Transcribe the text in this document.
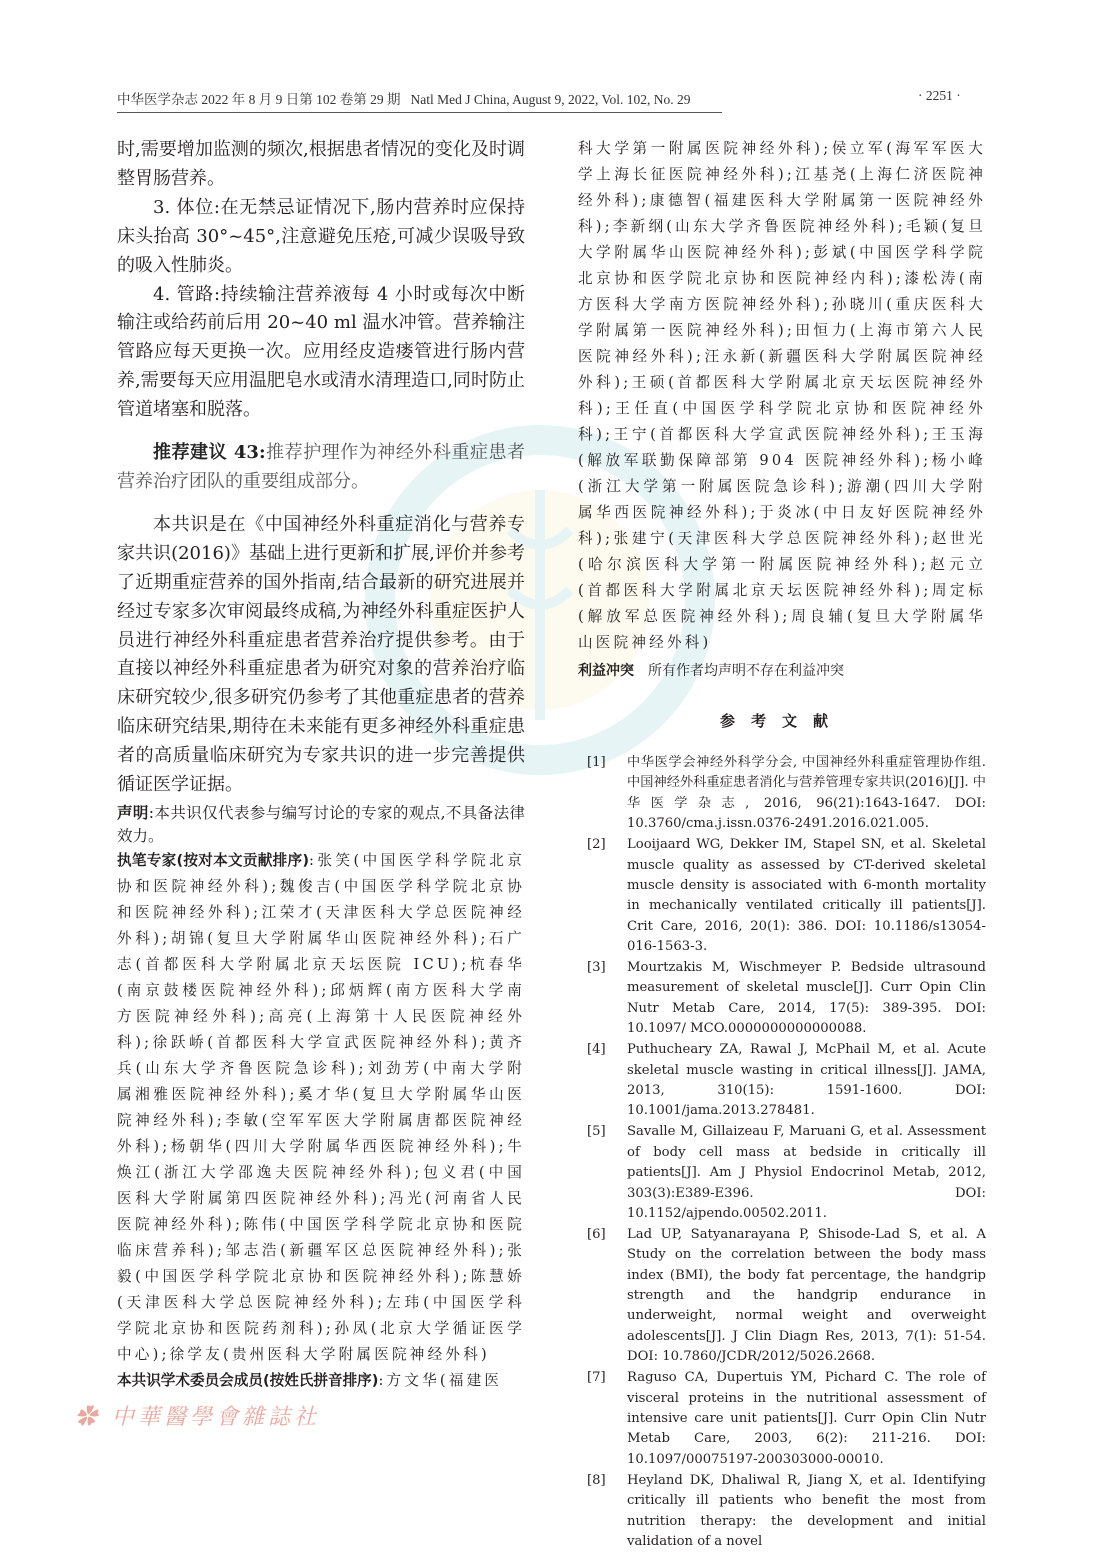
中华医学杂志 2022 年 8 月 9 日第 102 卷第 29 期 Natl Med J China, August 9, 2022, Vol. 102, No. 29	· 2251 ·

时,需要增加监测的频次,根据患者情况的变化及时调整胃肠营养。

3. 体位:在无禁忌证情况下,肠内营养时应保持床头抬高 30°~45°,注意避免压疮,可减少误吸导致的吸入性肺炎。

4. 管路:持续输注营养液每 4 小时或每次中断输注或给药前后用 20~40 ml 温水冲管。营养输注管路应每天更换一次。应用经皮造瘘管进行肠内营养,需要每天应用温肥皂水或清水清理造口,同时防止管道堵塞和脱落。

推荐建议 43:推荐护理作为神经外科重症患者营养治疗团队的重要组成部分。
本共识是在《中国神经外科重症消化与营养专家共识(2016)》基础上进行更新和扩展,评价并参考了近期重症营养的国外指南,结合最新的研究进展并经过专家多次审阅最终成稿,为神经外科重症医护人员进行神经外科重症患者营养治疗提供参考。由于直接以神经外科重症患者为研究对象的营养治疗临床研究较少,很多研究仍参考了其他重症患者的营养临床研究结果,期待在未来能有更多神经外科重症患者的高质量临床研究为专家共识的进一步完善提供循证医学证据。
声明:本共识仅代表参与编写讨论的专家的观点,不具备法律效力。
执笔专家(按对本文贡献排序):张笑(中国医学科学院北京协和医院神经外科);魏俊吉(中国医学科学院北京协和医院神经外科);江荣才(天津医科大学总医院神经外科);胡锦(复旦大学附属华山医院神经外科);石广志(首都医科大学附属北京天坛医院 ICU);杭春华(南京鼓楼医院神经外科);邱炳辉(南方医科大学南方医院神经外科);高亮(上海第十人民医院神经外科);徐跃峤(首都医科大学宣武医院神经外科);黄齐兵(山东大学齐鲁医院急诊科);刘劲芳(中南大学附属湘雅医院神经外科);奚才华(复旦大学附属华山医院神经外科);李敏(空军军医大学附属唐都医院神经外科);杨朝华(四川大学附属华西医院神经外科);牛焕江(浙江大学邵逸夫医院神经外科);包义君(中国医科大学附属第四医院神经外科);冯光(河南省人民医院神经外科);陈伟(中国医学科学院北京协和医院临床营养科);邹志浩(新疆军区总医院神经外科);张毅(中国医学科学院北京协和医院神经外科);陈慧娇(天津医科大学总医院神经外科);左玮(中国医学科学院北京协和医院药剂科);孙凤(北京大学循证医学中心);徐学友(贵州医科大学附属医院神经外科)
本共识学术委员会成员(按姓氏拼音排序):方文华(福建医
✿ 中華醫學會雜誌社
科大学第一附属医院神经外科);侯立军(海军军医大学上海长征医院神经外科);江基尧(上海仁济医院神经外科);康德智(福建医科大学附属第一医院神经外科);李新纲(山东大学齐鲁医院神经外科);毛颖(复旦大学附属华山医院神经外科);彭斌(中国医学科学院北京协和医学院北京协和医院神经内科);漆松涛(南方医科大学南方医院神经外科);孙晓川(重庆医科大学附属第一医院神经外科);田恒力(上海市第六人民医院神经外科);汪永新(新疆医科大学附属医院神经外科);王硕(首都医科大学附属北京天坛医院神经外科);王任直(中国医学科学院北京协和医院神经外科);王宁(首都医科大学宣武医院神经外科);王玉海(解放军联勤保障部第 904 医院神经外科);杨小峰(浙江大学第一附属医院急诊科);游潮(四川大学附属华西医院神经外科);于炎冰(中日友好医院神经外科);张建宁(天津医科大学总医院神经外科);赵世光(哈尔滨医科大学第一附属医院神经外科);赵元立(首都医科大学附属北京天坛医院神经外科);周定标(解放军总医院神经外科);周良辅(复旦大学附属华山医院神经外科)
利益冲突 所有作者均声明不存在利益冲突
参考文献
[1]	中华医学会神经外科学分会, 中国神经外科重症管理协作组. 中国神经外科重症患者消化与营养管理专家共识(2016)[J]. 中华医学杂志, 2016, 96(21):1643-1647. DOI: 10.3760/cma.j.issn.0376-2491.2016.021.005.
[2]	Looijaard WG, Dekker IM, Stapel SN, et al. Skeletal muscle quality as assessed by CT-derived skeletal muscle density is associated with 6-month mortality in mechanically ventilated critically ill patients[J]. Crit Care, 2016, 20(1): 386. DOI: 10.1186/s13054-016-1563-3.
[3]	Mourtzakis M, Wischmeyer P. Bedside ultrasound measurement of skeletal muscle[J]. Curr Opin Clin Nutr Metab Care, 2014, 17(5): 389-395. DOI: 10.1097/ MCO.0000000000000088.
[4]	Puthucheary ZA, Rawal J, McPhail M, et al. Acute skeletal muscle wasting in critical illness[J]. JAMA, 2013, 310(15): 1591-1600. DOI: 10.1001/jama.2013.278481.
[5]	Savalle M, Gillaizeau F, Maruani G, et al. Assessment of body cell mass at bedside in critically ill patients[J]. Am J Physiol Endocrinol Metab, 2012, 303(3):E389-E396. DOI: 10.1152/ajpendo.00502.2011.
[6]	Lad UP, Satyanarayana P, Shisode-Lad S, et al. A Study on the correlation between the body mass index (BMI), the body fat percentage, the handgrip strength and the handgrip endurance in underweight, normal weight and overweight adolescents[J]. J Clin Diagn Res, 2013, 7(1): 51-54. DOI: 10.7860/JCDR/2012/5026.2668.
[7]	Raguso CA, Dupertuis YM, Pichard C. The role of visceral proteins in the nutritional assessment of intensive care unit patients[J]. Curr Opin Clin Nutr Metab Care, 2003, 6(2): 211-216. DOI: 10.1097/00075197-200303000-00010.
[8]	Heyland DK, Dhaliwal R, Jiang X, et al. Identifying critically ill patients who benefit the most from nutrition therapy: the development and initial validation of a novel
